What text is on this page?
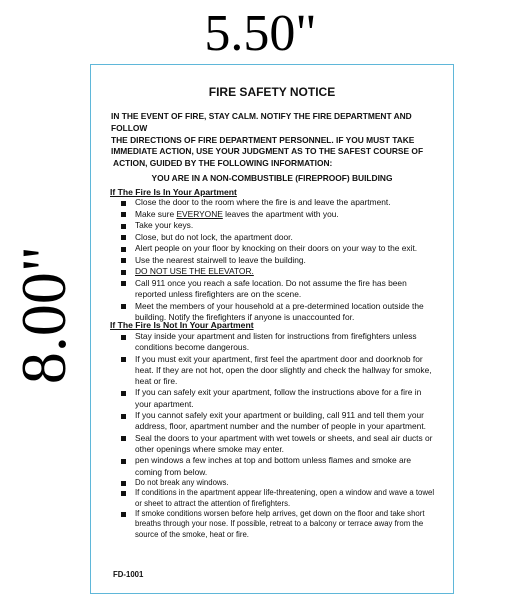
5.50"
8.00"
FIRE SAFETY NOTICE
IN THE EVENT OF FIRE, STAY CALM. NOTIFY THE FIRE DEPARTMENT AND FOLLOW
THE DIRECTIONS OF FIRE DEPARTMENT PERSONNEL. IF YOU MUST TAKE
IMMEDIATE ACTION, USE YOUR JUDGMENT AS TO THE SAFEST COURSE OF
ACTION, GUIDED BY THE FOLLOWING INFORMATION:
YOU ARE IN A NON-COMBUSTIBLE (FIREPROOF) BUILDING
If The Fire Is In Your Apartment
Close the door to the room where the fire is and leave the apartment.
Make sure EVERYONE leaves the apartment with you.
Take your keys.
Close, but do not lock, the apartment door.
Alert people on your floor by knocking on their doors on your way to the exit.
Use the nearest stairwell to leave the building.
DO NOT USE THE ELEVATOR.
Call 911 once you reach a safe location. Do not assume the fire has been reported unless firefighters are on the scene.
Meet the members of your household at a pre-determined location outside the building. Notify the firefighters if anyone is unaccounted for.
If The Fire Is Not In Your Apartment
Stay inside your apartment and listen for instructions from firefighters unless conditions become dangerous.
If you must exit your apartment, first feel the apartment door and doorknob for heat. If they are not hot, open the door slightly and check the hallway for smoke, heat or fire.
If you can safely exit your apartment, follow the instructions above for a fire in your apartment.
If you cannot safely exit your apartment or building, call 911 and tell them your address, floor, apartment number and the number of people in your apartment.
Seal the doors to your apartment with wet towels or sheets, and seal air ducts or other openings where smoke may enter.
pen windows a few inches at top and bottom unless flames and smoke are coming from below.
Do not break any windows.
If conditions in the apartment appear life-threatening, open a window and wave a towel or sheet to attract the attention of firefighters.
If smoke conditions worsen before help arrives, get down on the floor and take short breaths through your nose. If possible, retreat to a balcony or terrace away from the source of the smoke, heat or fire.
FD-1001
